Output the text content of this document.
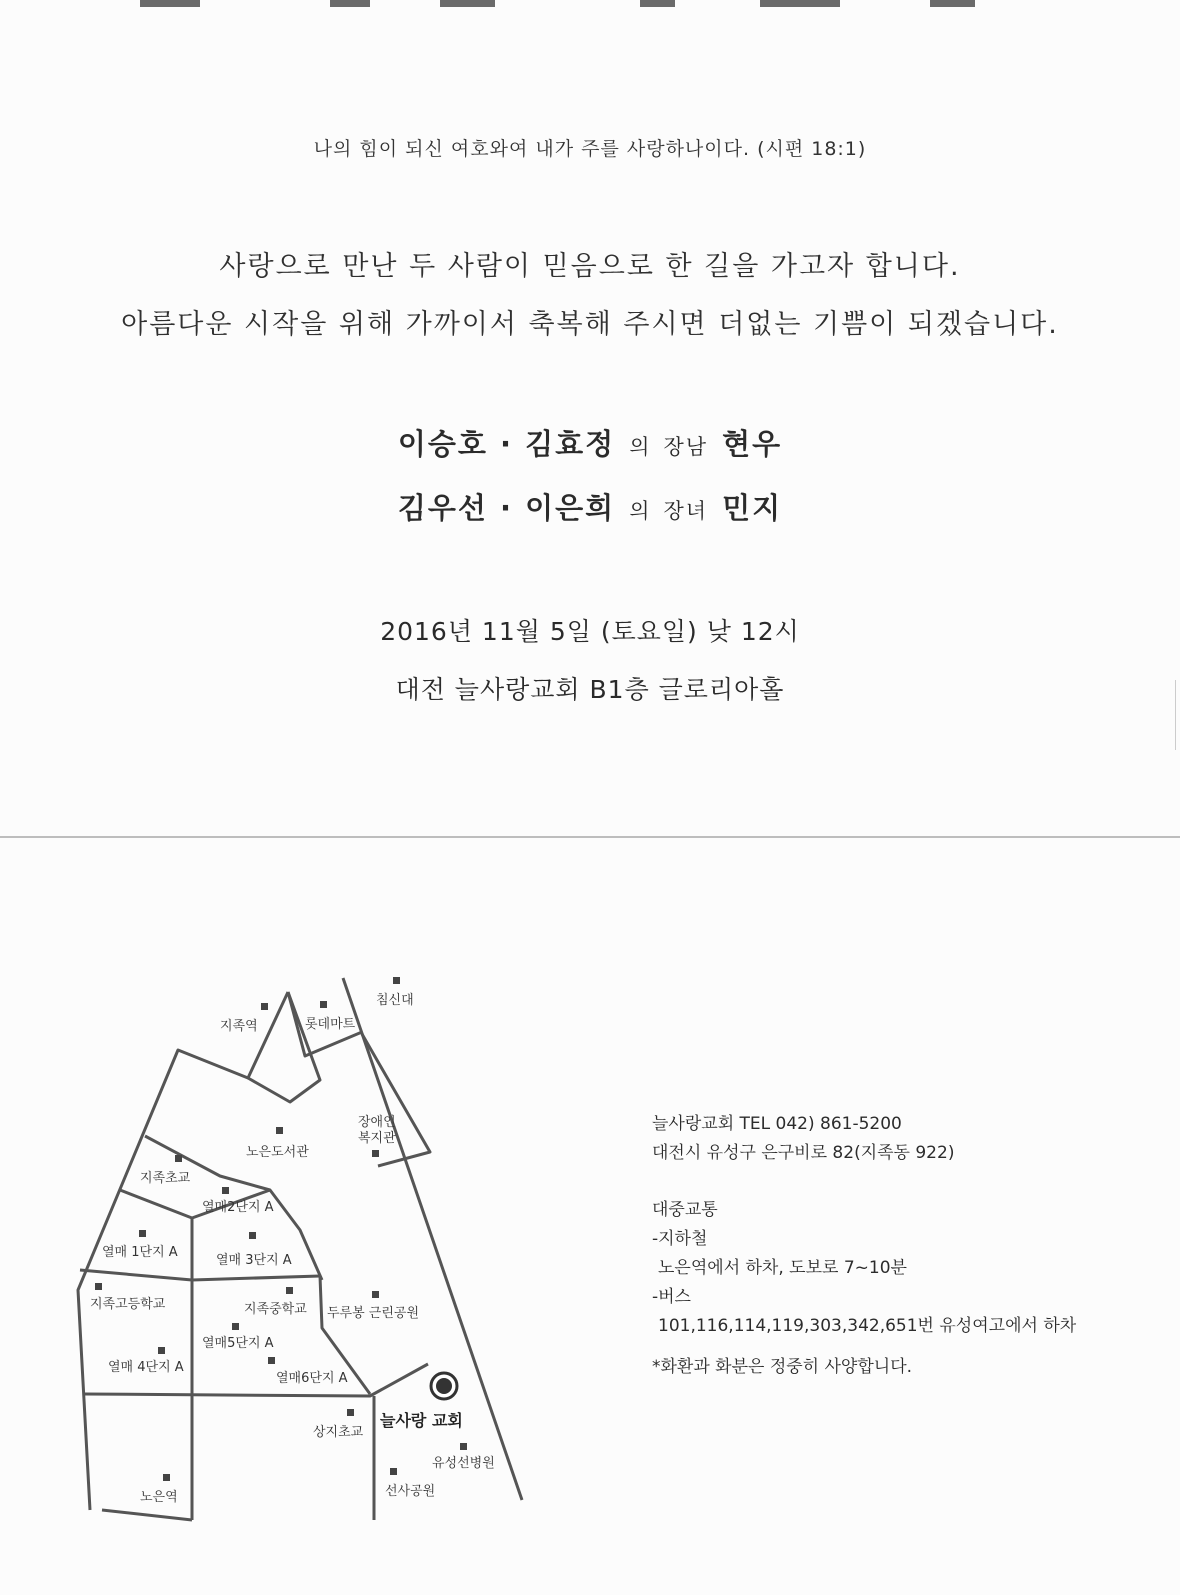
나의 힘이 되신 여호와여 내가 주를 사랑하나이다. (시편 18:1)
사랑으로 만난 두 사람이 믿음으로 한 길을 가고자 합니다.
아름다운 시작을 위해 가까이서 축복해 주시면 더없는 기쁨이 되겠습니다.
이승호 · 김효정 의 장남 현우
김우선 · 이은희 의 장녀 민지
2016년 11월 5일 (토요일) 낮 12시
대전 늘사랑교회 B1층 글로리아홀
침신대
지족역	롯데마트
장애인
복지관
노은도서관
지족초교
열매2단지 A
열매 1단지 A
열매 3단지 A
지족고등학교	지족중학교 두루봉 근린공원
열매5단지 A
열매 4단지 A
열매6단지 A
상지초교
늘사랑 교회
유성선병원
선사공원
노은역
늘사랑교회 TEL 042) 861-5200
대전시 유성구 은구비로 82(지족동 922)
대중교통
-지하철
노은역에서 하차, 도보로 7~10분
-버스
101,116,114,119,303,342,651번 유성여고에서 하차
*화환과 화분은 정중히 사양합니다.
